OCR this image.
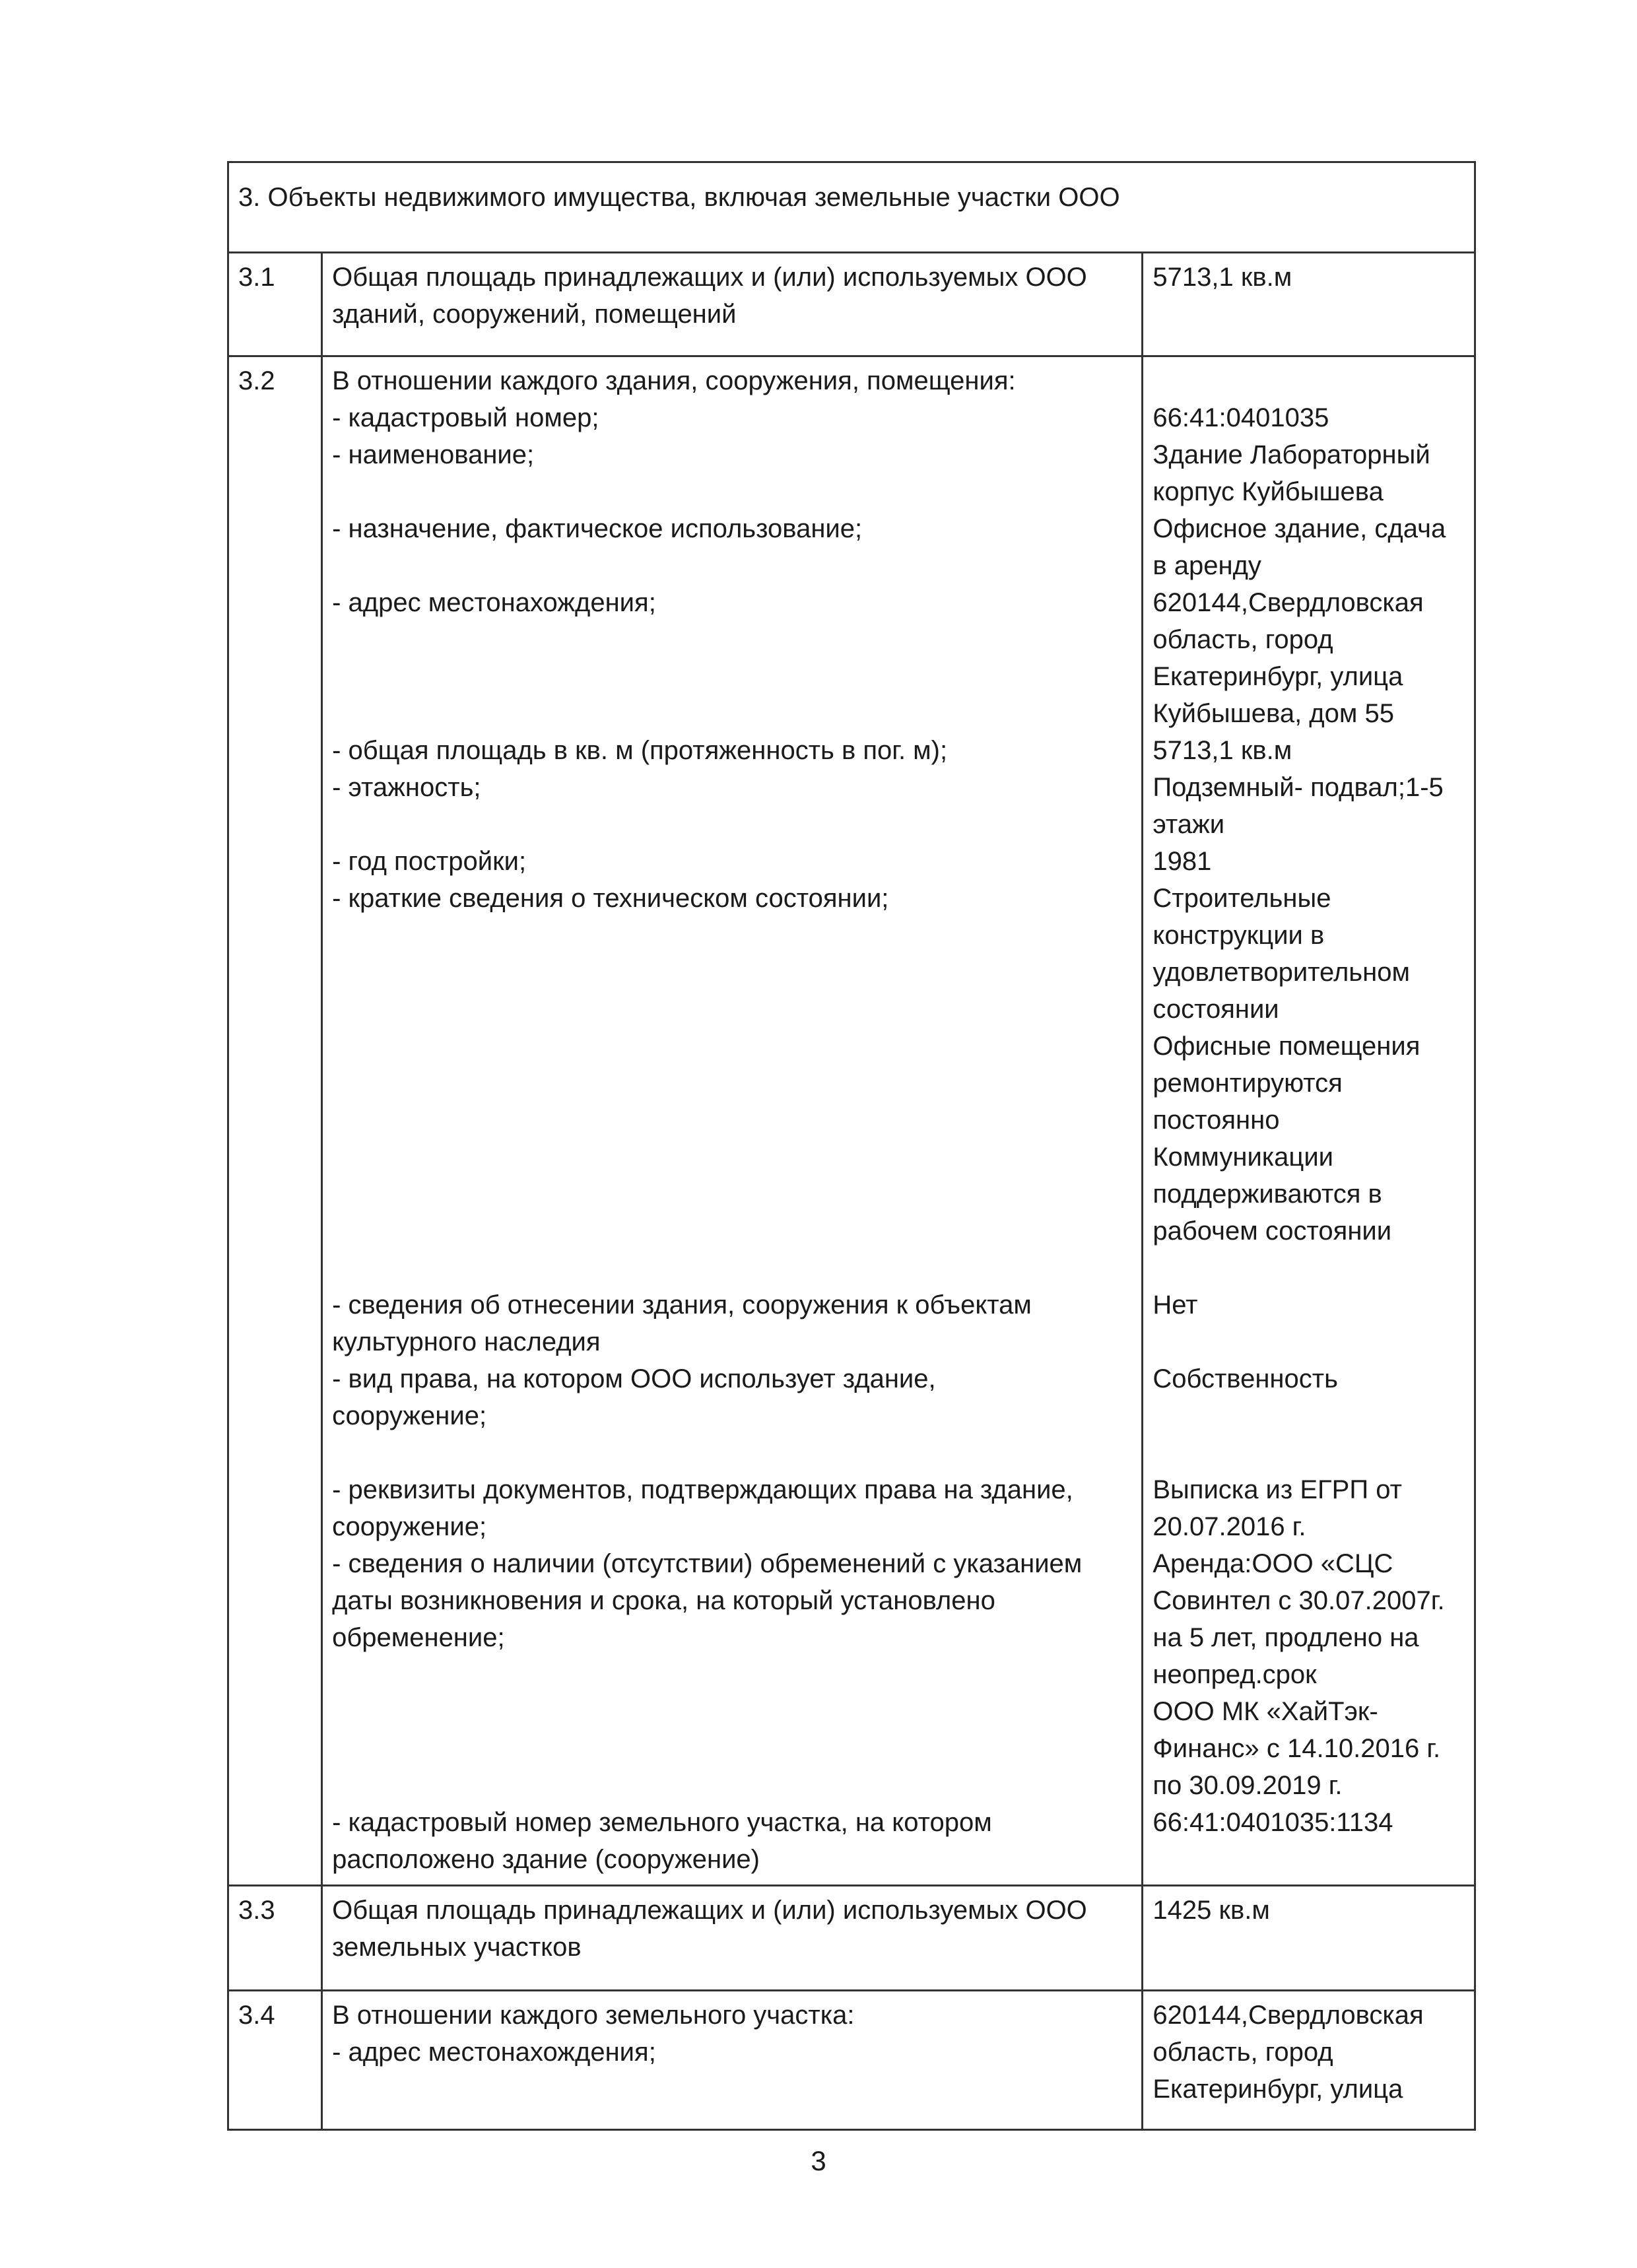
3. Объекты недвижимого имущества, включая земельные участки ООО
3.1	Общая площадь принадлежащих и (или) используемых ООО
зданий, сооружений, помещений
	5713,1 кв.м
3.2	В отношении каждого здания, сооружения, помещения:
- кадастровый номер;
- наименование;
- назначение, фактическое использование;
- адрес местонахождения;
- общая площадь в кв. м (протяженность в пог. м);
- этажность;
- год постройки;
- краткие сведения о техническом состоянии;
- сведения об отнесении здания, сооружения к объектам
культурного наследия
- вид права, на котором ООО использует здание,
сооружение;
- реквизиты документов, подтверждающих права на здание,
сооружение;
- сведения о наличии (отсутствии) обременений с указанием
даты возникновения и срока, на который установлено
обременение;
- кадастровый номер земельного участка, на котором
расположено здание (сооружение)

66:41:0401035
Здание Лабораторный
корпус Куйбышева
Офисное здание, сдача
в аренду
620144,Свердловская
область, город
Екатеринбург, улица
Куйбышева, дом 55
5713,1 кв.м
Подземный- подвал;1-5
этажи
1981
Строительные
конструкции в
удовлетворительном
состоянии
Офисные помещения
ремонтируются
постоянно
Коммуникации
поддерживаются в
рабочем состоянии
Нет
Собственность
Выписка из ЕГРП от
20.07.2016 г.
Аренда:ООО «СЦС
Совинтел с 30.07.2007г.
на 5 лет, продлено на
неопред.срок
ООО МК «ХайТэк-
Финанс» с 14.10.2016 г.
по 30.09.2019 г.
66:41:0401035:1134

3.3	Общая площадь принадлежащих и (или) используемых ООО
земельных участков
	1425 кв.м
3.4	В отношении каждого земельного участка:
- адрес местонахождения;

620144,Свердловская
область, город
Екатеринбург, улица
3
